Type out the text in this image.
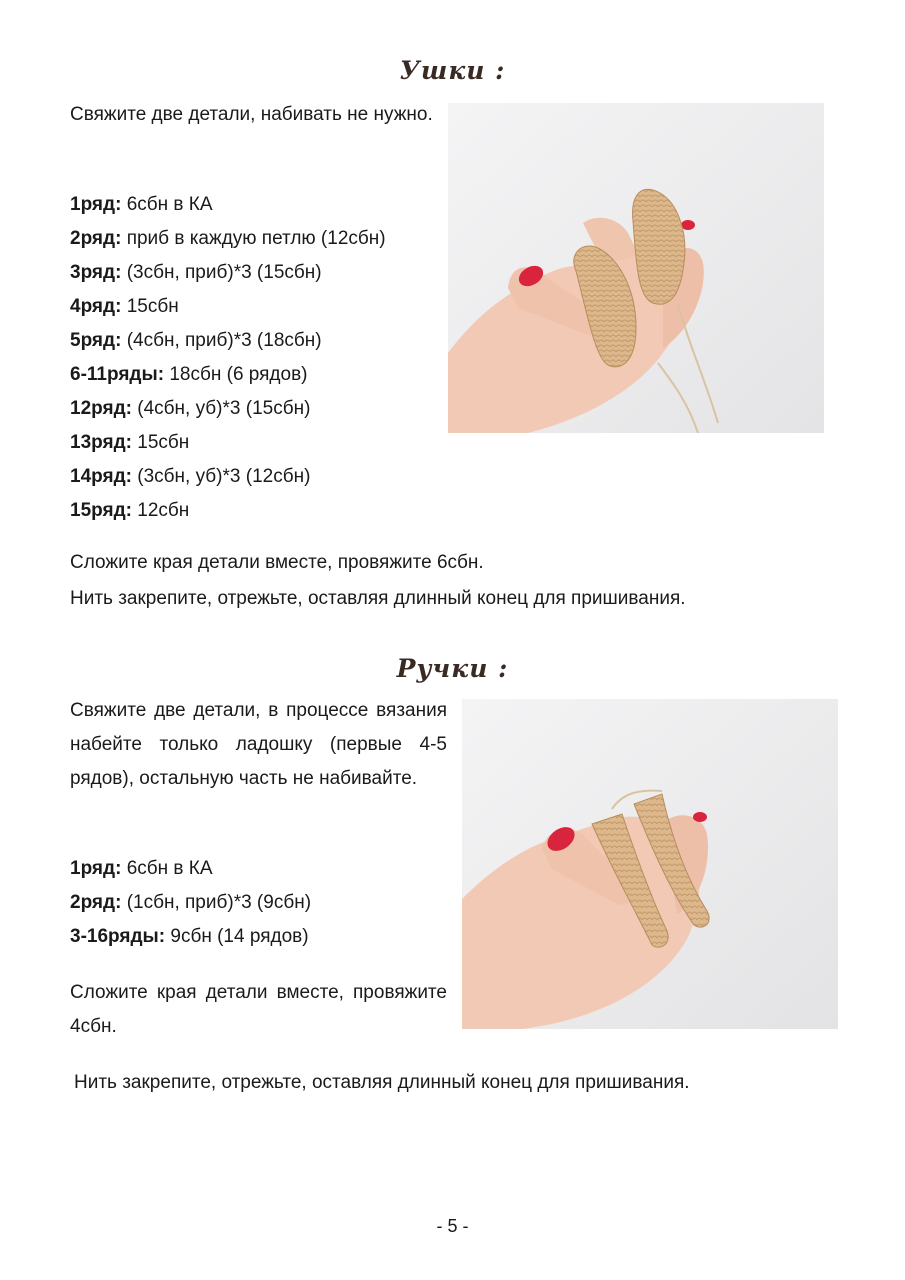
Ушки :

Свяжите две детали, набивать не нужно.

1ряд: 6сбн в КА
2ряд: приб в каждую петлю (12сбн)
3ряд: (3сбн, приб)*3 (15сбн)
4ряд: 15сбн
5ряд: (4сбн, приб)*3 (18сбн)
6-11ряды: 18сбн (6 рядов)
12ряд: (4сбн, уб)*3 (15сбн)
13ряд: 15сбн
14ряд: (3сбн, уб)*3 (12сбн)
15ряд: 12сбн
Сложите края детали вместе, провяжите 6сбн.
Нить закрепите, отрежьте, оставляя длинный конец для пришивания.
Ручки :

Свяжите две детали, в процессе вязания набейте только ладошку (первые 4-5 рядов), остальную часть не набивайте.

1ряд: 6сбн в КА
2ряд: (1сбн, приб)*3 (9сбн)
3-16ряды: 9сбн (14 рядов)

Сложите края детали вместе, провяжите 4сбн.

Нить закрепите, отрежьте, оставляя длинный конец для пришивания.
- 5 -
